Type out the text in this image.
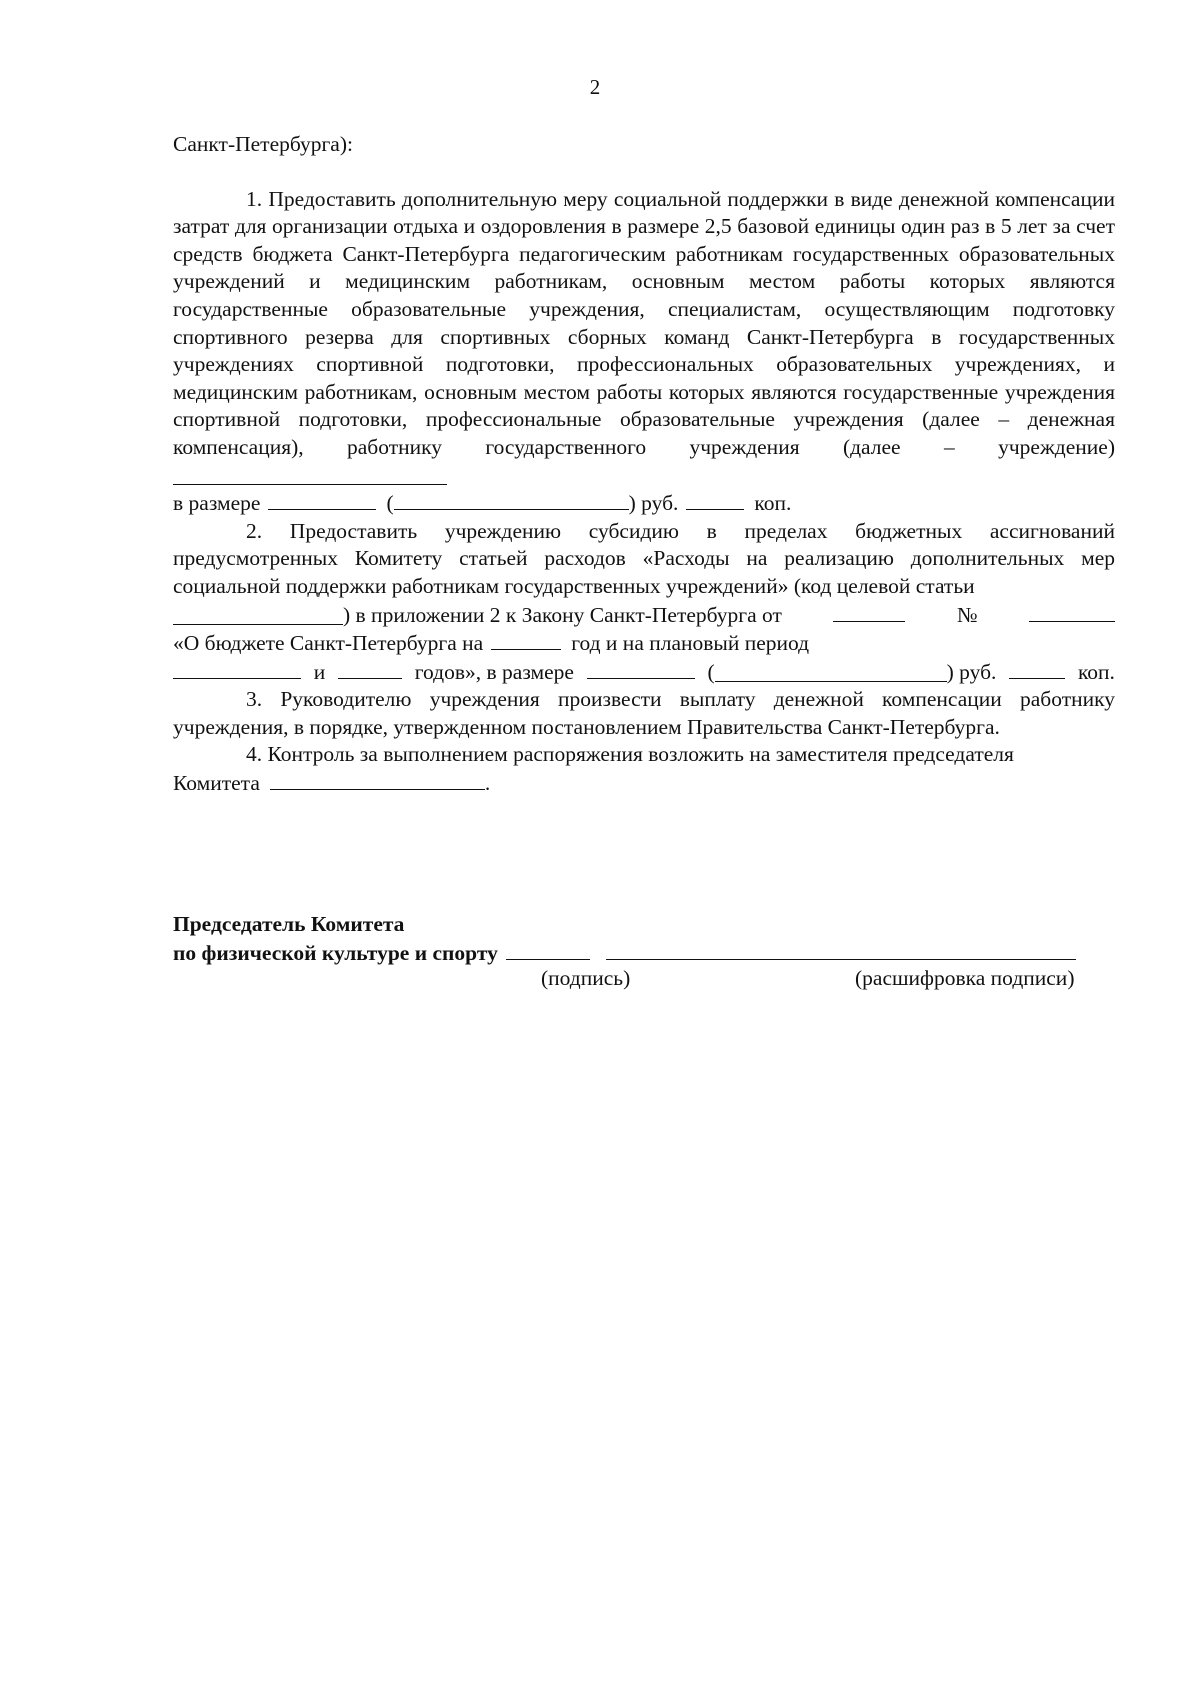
2

Санкт-Петербурга):

1. Предоставить дополнительную меру социальной поддержки в виде денежной компенсации затрат для организации отдыха и оздоровления в размере 2,5 базовой единицы один раз в 5 лет за счет средств бюджета Санкт-Петербурга педагогическим работникам государственных образовательных учреждений и медицинским работникам, основным местом работы которых являются государственные образовательные учреждения, специалистам, осуществляющим подготовку спортивного резерва для спортивных сборных команд Санкт-Петербурга в государственных учреждениях спортивной подготовки, профессиональных образовательных учреждениях, и медицинским работникам, основным местом работы которых являются государственные учреждения спортивной подготовки, профессиональные образовательные учреждения (далее – денежная компенсация), работнику государственного учреждения (далее – учреждение)

в размере	(	) руб.	коп.

2. Предоставить учреждению субсидию в пределах бюджетных ассигнований предусмотренных Комитету статьей расходов «Расходы на реализацию дополнительных мер социальной поддержки работникам государственных учреждений» (код целевой статьи

) в приложении 2 к Закону Санкт-Петербурга от	№
«О бюджете Санкт-Петербурга на	год и на плановый период
и	годов», в размере	(	) руб.	коп.

3. Руководителю учреждения произвести выплату денежной компенсации работнику учреждения, в порядке, утвержденном постановлением Правительства Санкт-Петербурга.

4. Контроль за выполнением распоряжения возложить на заместителя председателя

Комитета	.
Председатель Комитета
по физической культуре и спорту
(подпись)	(расшифровка подписи)
